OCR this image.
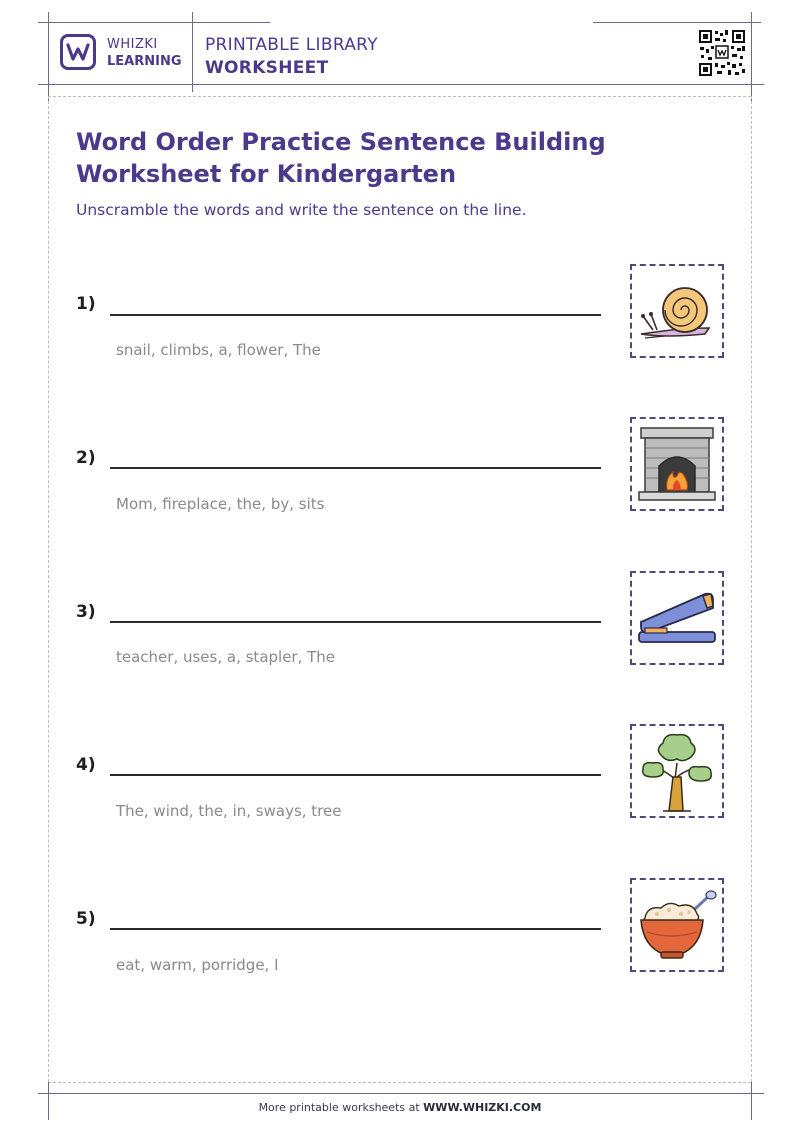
WHIZKI
LEARNING
PRINTABLE LIBRARY
WORKSHEET
Word Order Practice Sentence Building Worksheet for Kindergarten
Unscramble the words and write the sentence on the line.
1)
snail, climbs, a, flower, The
2)
Mom, fireplace, the, by, sits
3)
teacher, uses, a, stapler, The
4)
The, wind, the, in, sways, tree
5)
eat, warm, porridge, I
More printable worksheets at WWW.WHIZKI.COM
